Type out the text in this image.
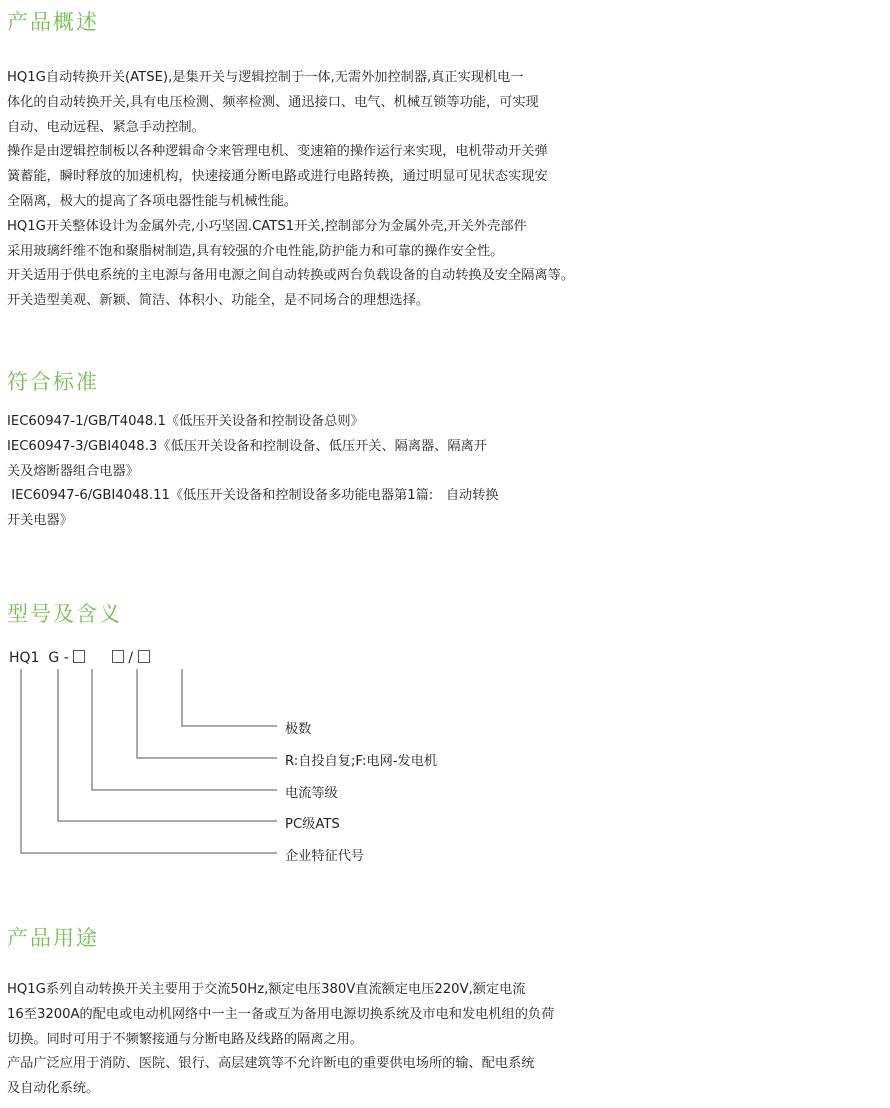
产品概述

HQ1G自动转换开关(ATSE),是集开关与逻辑控制于一体,无需外加控制器,真正实现机电一

体化的自动转换开关,具有电压检测、频率检测、通迅接口、电气、机械互锁等功能，可实现

自动、电动远程、紧急手动控制。

操作是由逻辑控制板以各种逻辑命令来管理电机、变速箱的操作运行来实现，电机带动开关弹

簧蓄能，瞬时释放的加速机构，快速接通分断电路或进行电路转换，通过明显可见状态实现安

全隔离，极大的提高了各项电器性能与机械性能。

HQ1G开关整体设计为金属外壳,小巧坚固.CATS1开关,控制部分为金属外壳,开关外壳部件

采用玻璃纤维不饱和聚脂树制造,具有较强的介电性能,防护能力和可靠的操作安全性。

开关适用于供电系统的主电源与备用电源之间自动转换或两台负载设备的自动转换及安全隔离等。

开关造型美观、新颖、简洁、体积小、功能全，是不同场合的理想选择。

符合标准

IEC60947-1/GB/T4048.1《低压开关设备和控制设备总则》

IEC60947-3/GBI4048.3《低压开关设备和控制设备、低压开关、隔离器、隔离开

关及熔断器组合电器》

IEC60947-6/GBI4048.11《低压开关设备和控制设备多功能电器第1篇:   自动转换

开关电器》

型号及含义
HQ1 G -	/

极数

R:自投自复;F:电网-发电机

电流等级

PC级ATS

企业特征代号

产品用途

HQ1G系列自动转换开关主要用于交流50Hz,额定电压380V直流额定电压220V,额定电流

16至3200A的配电或电动机网络中一主一备或互为备用电源切换系统及市电和发电机组的负荷

切换。同时可用于不频繁接通与分断电路及线路的隔离之用。

产品广泛应用于消防、医院、银行、高层建筑等不允许断电的重要供电场所的输、配电系统

及自动化系统。
